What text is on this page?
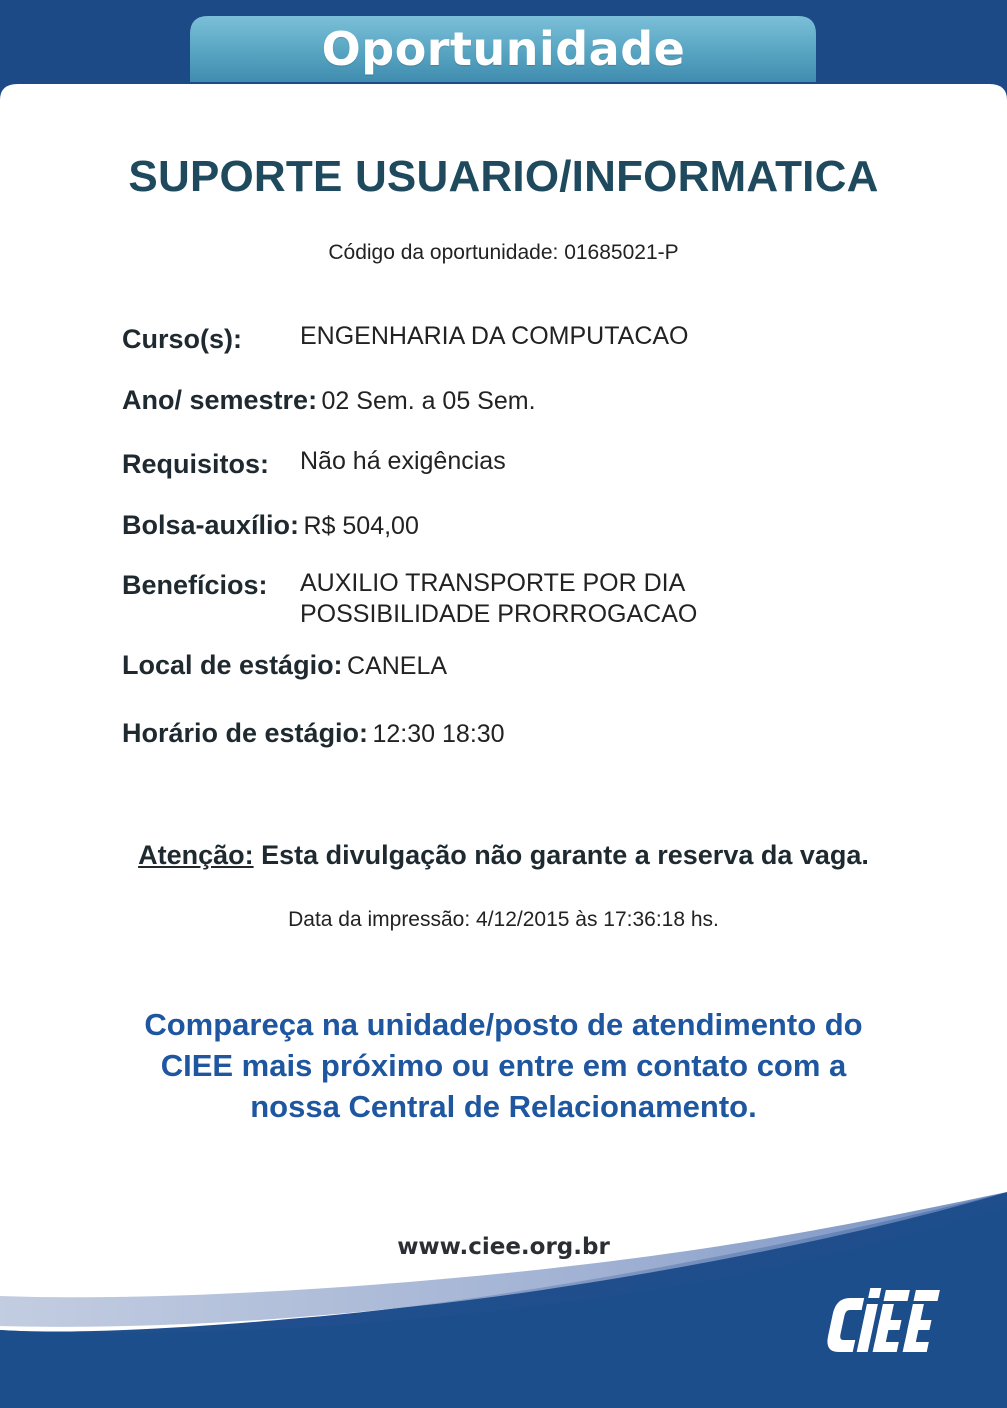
Oportunidade
SUPORTE USUARIO/INFORMATICA
Código da oportunidade: 01685021-P
Curso(s): ENGENHARIA DA COMPUTACAO
Ano/ semestre: 02 Sem. a 05 Sem.
Requisitos: Não há exigências
Bolsa-auxílio: R$ 504,00
Benefícios: AUXILIO TRANSPORTE POR DIA
POSSIBILIDADE PRORROGACAO
Local de estágio: CANELA
Horário de estágio: 12:30 18:30
Atenção: Esta divulgação não garante a reserva da vaga.
Data da impressão: 4/12/2015 às 17:36:18 hs.
Compareça na unidade/posto de atendimento do
CIEE mais próximo ou entre em contato com a
nossa Central de Relacionamento.
www.ciee.org.br
